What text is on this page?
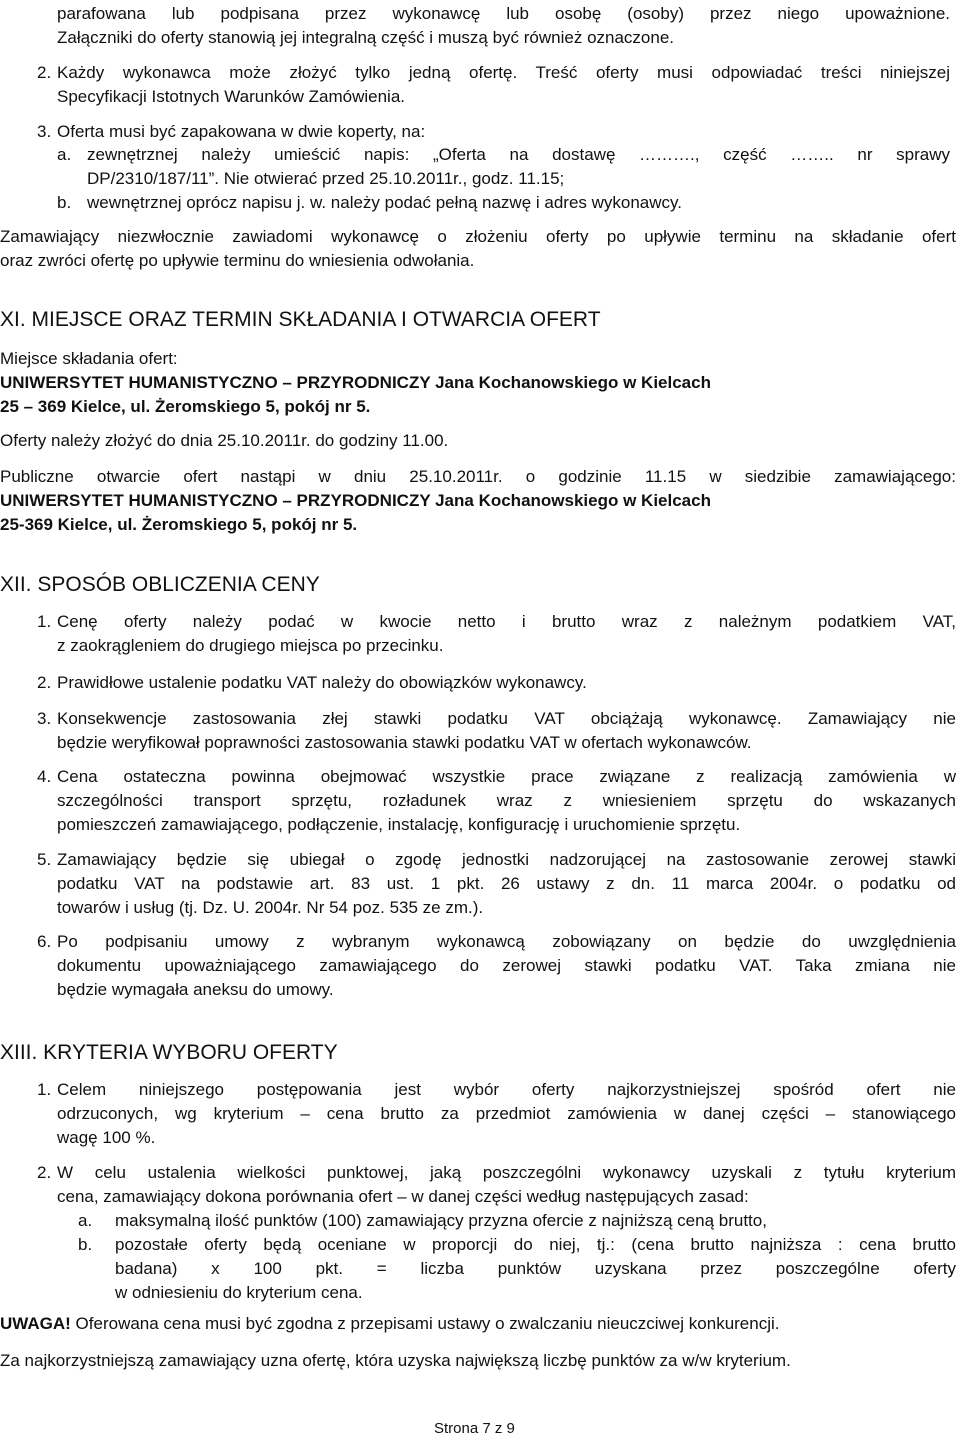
parafowana lub podpisana przez wykonawcę lub osobę (osoby) przez niego upoważnione.
Załączniki do oferty stanowią jej integralną część i muszą być również oznaczone.
2. Każdy wykonawca może złożyć tylko jedną ofertę. Treść oferty musi odpowiadać treści niniejszej
Specyfikacji Istotnych Warunków Zamówienia.
3. Oferta musi być zapakowana w dwie koperty, na:
a. zewnętrznej należy umieścić napis: „Oferta na dostawę ………., część …….. nr sprawy
DP/2310/187/11”. Nie otwierać przed 25.10.2011r., godz. 11.15;
b. wewnętrznej oprócz napisu j. w. należy podać pełną nazwę i adres wykonawcy.
Zamawiający niezwłocznie zawiadomi wykonawcę o złożeniu oferty po upływie terminu na składanie ofert
oraz zwróci ofertę po upływie terminu do wniesienia odwołania.
XI. MIEJSCE ORAZ TERMIN SKŁADANIA I OTWARCIA OFERT
Miejsce składania ofert:
UNIWERSYTET HUMANISTYCZNO – PRZYRODNICZY Jana Kochanowskiego w Kielcach
25 – 369 Kielce, ul. Żeromskiego 5, pokój nr 5.
Oferty należy złożyć do dnia 25.10.2011r. do godziny 11.00.
Publiczne otwarcie ofert nastąpi w dniu 25.10.2011r. o godzinie 11.15 w siedzibie zamawiającego:
UNIWERSYTET HUMANISTYCZNO – PRZYRODNICZY Jana Kochanowskiego w Kielcach
25-369 Kielce, ul. Żeromskiego 5, pokój nr 5.
XII. SPOSÓB OBLICZENIA CENY
1. Cenę oferty należy podać w kwocie netto i brutto wraz z należnym podatkiem VAT,
z zaokrągleniem do drugiego miejsca po przecinku.
2. Prawidłowe ustalenie podatku VAT należy do obowiązków wykonawcy.
3. Konsekwencje zastosowania złej stawki podatku VAT obciążają wykonawcę. Zamawiający nie
będzie weryfikował poprawności zastosowania stawki podatku VAT w ofertach wykonawców.
4. Cena ostateczna powinna obejmować wszystkie prace związane z realizacją zamówienia w
szczególności transport sprzętu, rozładunek wraz z wniesieniem sprzętu do wskazanych
pomieszczeń zamawiającego, podłączenie, instalację, konfigurację i uruchomienie sprzętu.
5. Zamawiający będzie się ubiegał o zgodę jednostki nadzorującej na zastosowanie zerowej stawki
podatku VAT na podstawie art. 83 ust. 1 pkt. 26 ustawy z dn. 11 marca 2004r. o podatku od
towarów i usług (tj. Dz. U. 2004r. Nr 54 poz. 535 ze zm.).
6. Po podpisaniu umowy z wybranym wykonawcą zobowiązany on będzie do uwzględnienia
dokumentu upoważniającego zamawiającego do zerowej stawki podatku VAT. Taka zmiana nie
będzie wymagała aneksu do umowy.
XIII. KRYTERIA WYBORU OFERTY
1. Celem niniejszego postępowania jest wybór oferty najkorzystniejszej spośród ofert nie
odrzuconych, wg kryterium – cena brutto za przedmiot zamówienia w danej części – stanowiącego
wagę 100 %.
2. W celu ustalenia wielkości punktowej, jaką poszczególni wykonawcy uzyskali z tytułu kryterium
cena, zamawiający dokona porównania ofert – w danej części według następujących zasad:
a. maksymalną ilość punktów (100) zamawiający przyzna ofercie z najniższą ceną brutto,
b. pozostałe oferty będą oceniane w proporcji do niej, tj.: (cena brutto najniższa : cena brutto
badana) x 100 pkt. = liczba punktów uzyskana przez poszczególne oferty
w odniesieniu do kryterium cena.
UWAGA! Oferowana cena musi być zgodna z przepisami ustawy o zwalczaniu nieuczciwej konkurencji.
Za najkorzystniejszą zamawiający uzna ofertę, która uzyska największą liczbę punktów za w/w kryterium.
Strona 7 z 9
